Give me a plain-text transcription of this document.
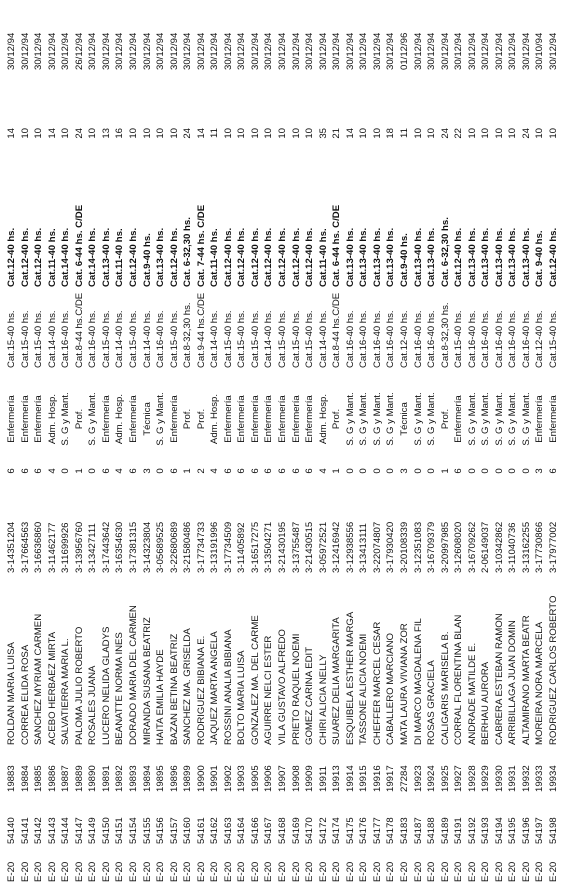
E-20
54140
19883
ROLDAN MARIA LUISA
3-14351204
6
Enfermería
Cat.15-40 hs.
Cat.12-40 hs.
14
30/12/94
E-20
54141
19884
CORREA ELIDA ROSA
3-17664563
6
Enfermería
Cat.15-40 hs.
Cat.12-40 hs.
10
30/12/94
E-20
54142
19885
SANCHEZ MYRIAM CARMEN
3-16636860
6
Enfermería
Cat.15-40 hs.
Cat.12-40 hs.
10
30/12/94
E-20
54143
19886
ACEBO HERBAEZ MIRTA
3-11462177
4
Adm. Hosp.
Cat.14-40 hs.
Cat.11-40 hs.
14
30/12/94
E-20
54144
19887
SALVATIERRA MARIA L.
3-11699926
0
S. G y Mant.
Cat.16-40 hs.
Cat.14-40 hs.
10
30/12/94
E-20
54147
19889
PALOMA JULIO ROBERTO
3-13956760
1
Prof.
Cat.8-44 hs.C/DE
Cat. 6-44 hs. C/DE
24
26/12/94
E-20
54149
19890
ROSALES JUANA
3-13427111
0
S. G y Mant.
Cat.16-40 hs.
Cat.14-40 hs.
10
30/12/94
E-20
54150
19891
LUCERO NELIDA GLADYS
3-17443642
6
Enfermería
Cat.15-40 hs.
Cat.13-40 hs.
13
30/12/94
E-20
54151
19892
BEANATTE NORMA INES
3-16354630
4
Adm. Hosp.
Cat.14-40 hs.
Cat.11-40 hs.
16
30/12/94
E-20
54154
19893
DORADO MARIA DEL CARMEN
3-17381315
6
Enfermería
Cat.15-40 hs.
Cat.12-40 hs.
10
30/12/94
E-20
54155
19894
MIRANDA SUSANA BEATRIZ
3-14323804
3
Técnica
Cat.14-40 hs.
Cat.9-40 hs.
10
30/12/94
E-20
54156
19895
HAITA EMILIA HAYDE
3-05689525
0
S. G y Mant.
Cat.16-40 hs.
Cat.13-40 hs.
10
30/12/94
E-20
54157
19896
BAZAN BETINA BEATRIZ
3-22680689
6
Enfermería
Cat.15-40 hs.
Cat.12-40 hs.
10
30/12/94
E-20
54160
19899
SANCHEZ MA. GRISELDA
3-21580486
1
Prof.
Cat.8-32,30 hs.
Cat. 6-32,30 hs.
24
30/12/94
E-20
54161
19900
RODRIGUEZ BIBIANA E.
3-17734733
2
Prof.
Cat.9-44 hs.C/DE
Cat. 7-44 hs. C/DE
14
30/12/94
E-20
54162
19901
JAQUEZ MARTA ANGELA
3-13191996
4
Adm. Hosp.
Cat.14-40 hs.
Cat.11-40 hs.
11
30/12/94
E-20
54163
19902
ROSSINI ANALIA BIBIANA
3-17734509
6
Enfermería
Cat.15-40 hs.
Cat.12-40 hs.
10
30/12/94
E-20
54164
19903
BOLTO MARIA LUISA
3-11405892
6
Enfermería
Cat.15-40 hs.
Cat.12-40 hs.
10
30/12/94
E-20
54166
19905
GONZALEZ MA. DEL CARME
3-16517275
6
Enfermería
Cat.15-40 hs.
Cat.12-40 hs.
10
30/12/94
E-20
54167
19906
AGUIRRE NELCI ESTER
3-13504271
6
Enfermería
Cat.14-40 hs.
Cat.12-40 hs.
10
30/12/94
E-20
54168
19907
VILA GUSTAVO ALFREDO
3-21430195
6
Enfermería
Cat.15-40 hs.
Cat.12-40 hs.
10
30/12/94
E-20
54169
19908
PRIETO RAQUEL NOEMI
3-13755487
6
Enfermería
Cat.15-40 hs.
Cat.12-40 hs.
10
30/12/94
E-20
54170
19909
GOMEZ CARINA EDIT
3-21430515
6
Enfermería
Cat.15-40 hs.
Cat.12-40 hs.
10
30/12/94
E-20
54172
19911
CHIRI ALICIA NELLY
3-05972521
4
Adm. Hosp.
Cat.14-40 hs.
Cat.11-40 hs.
35
30/12/94
E-20
54174
19913
SUAREZ DELIA MARGARITA
3-12416942
1
Prof.
Cat.8-44 hs.C/DE
Cat. 6-44 hs. C/DE
21
30/12/94
E-20
54175
19914
ESQUIBELA ESTHER MARGA
3-12938556
0
S. G y Mant.
Cat.16-40 hs.
Cat.13-40 hs.
14
30/12/94
E-20
54176
19915
TASSONE ALICIA NOEMI
3-13413111
0
S. G y Mant.
Cat.16-40 hs.
Cat.13-40 hs.
10
30/12/94
E-20
54177
19916
CHEFFER MARCEL CESAR
3-22074807
0
S. G y Mant.
Cat.16-40 hs.
Cat.13-40 hs.
10
30/12/94
E-20
54178
19917
CABALLERO MARCIANO
3-17930420
0
S. G y Mant.
Cat.16-40 hs.
Cat.13-40 hs.
18
30/12/94
E-20
54183
27284
MATA LAURA VIVIANA ZOR
3-20108339
3
Técnica
Cat.12-40 hs.
Cat.9-40 hs.
11
01/12/96
E-20
54187
19923
DI MARCO MAGDALENA FIL
3-12351083
0
S. G y Mant.
Cat.16-40 hs.
Cat.13-40 hs.
10
30/12/94
E-20
54188
19924
ROSAS GRACIELA
3-16709379
0
S. G y Mant.
Cat.16-40 hs.
Cat.13-40 hs.
10
30/12/94
E-20
54189
19925
CALIGARIS MARISELA B.
3-20997985
1
Prof.
Cat.8-32,30 hs.
Cat. 6-32,30 hs.
24
30/12/94
E-20
54191
19927
CORRAL FLORENTINA BLAN
3-12608020
6
Enfermería
Cat.15-40 hs.
Cat.12-40 hs.
22
30/12/94
E-20
54192
19928
ANDRADE MATILDE E.
3-16709262
0
S. G y Mant.
Cat.16-40 hs.
Cat.13-40 hs.
10
30/12/94
E-20
54193
19929
BERHAU AURORA
2-06149037
0
S. G y Mant.
Cat.16-40 hs.
Cat.13-40 hs.
10
30/12/94
E-20
54194
19930
CABRERA ESTEBAN RAMON
3-10342862
0
S. G y Mant.
Cat.16-40 hs.
Cat.13-40 hs.
10
30/12/94
E-20
54195
19931
ARRIBILLAGA JUAN DOMIN
3-11040736
0
S. G y Mant.
Cat.16-40 hs.
Cat.13-40 hs.
10
30/12/94
E-20
54196
19932
ALTAMIRANO MARTA BEATR
3-13162255
0
S. G y Mant.
Cat.16-40 hs.
Cat.13-40 hs.
24
30/12/94
E-20
54197
19933
MOREIRA NORA MARCELA
3-17730866
3
Enfermería
Cat.12-40 hs.
Cat. 9-40 hs.
10
30/10/94
E-20
54198
19934
RODRIGUEZ CARLOS ROBERTO
3-17977002
6
Enfermería
Cat.15-40 hs.
Cat.12-40 hs.
10
30/12/94
